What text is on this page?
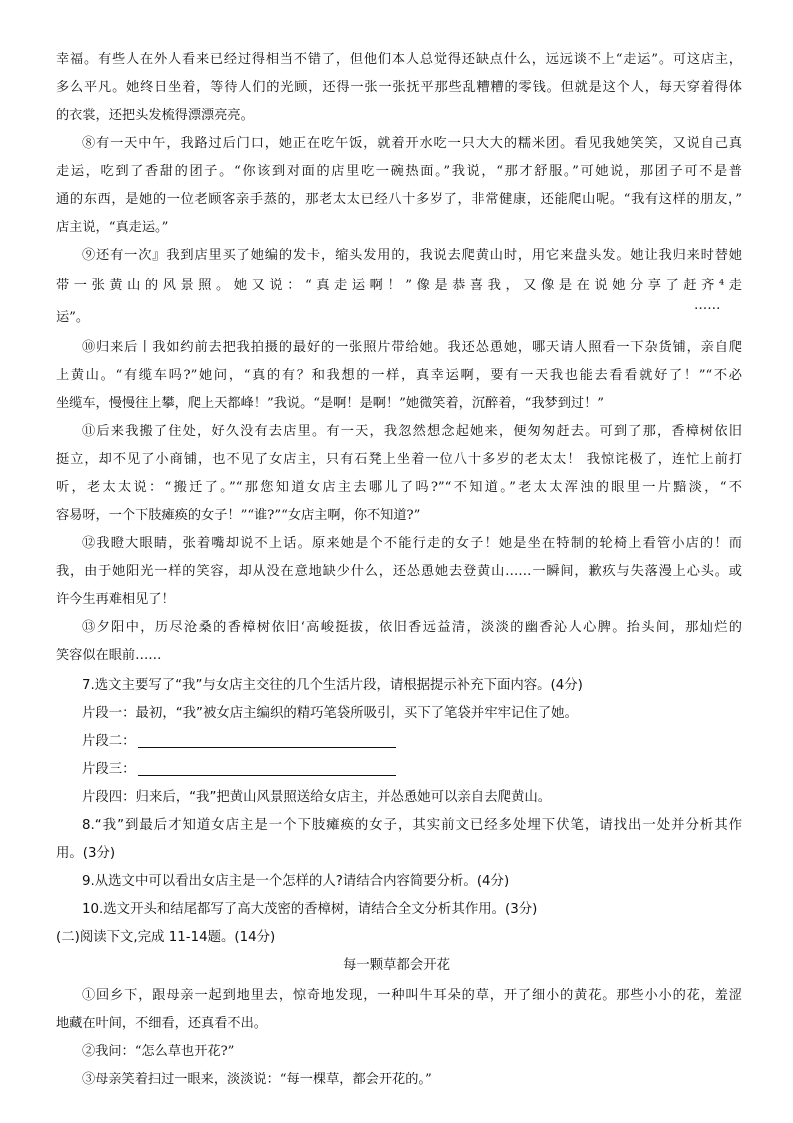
幸福。有些人在外人看来已经过得相当不错了，但他们本人总觉得还缺点什么，远远谈不上“走运”。可这店主，
多么平凡。她终日坐着，等待人们的光顾，还得一张一张抚平那些乱糟糟的零钱。但就是这个人，每天穿着得体
的衣裳，还把头发梳得漂漂亮亮。
⑧有一天中午，我路过后门口，她正在吃午饭，就着开水吃一只大大的糯米团。看见我她笑笑，又说自己真
走运，吃到了香甜的团子。“你该到对面的店里吃一碗热面。”我说，“那才舒服。”可她说，那团子可不是普
通的东西，是她的一位老顾客亲手蒸的，那老太太已经八十多岁了，非常健康，还能爬山呢。“我有这样的朋友，”
店主说，“真走运。”
⑨还有一次』我到店里买了她编的发卡，缩头发用的，我说去爬黄山时，用它来盘头发。她让我归来时替她
带一张黄山的风景照。她又说：“真走运啊！”像是恭喜我，又像是在说她分享了赶齐⁴走
……
运”。
⑩归来后丨我如约前去把我拍摄的最好的一张照片带给她。我还怂恿她，哪天请人照看一下杂货铺，亲自爬
上黄山。“有缆车吗?”她问，“真的有？和我想的一样，真幸运啊，要有一天我也能去看看就好了！”“不必
坐缆车，慢慢往上攀，爬上天都峰！”我说。“是啊！是啊！”她微笑着，沉醉着，“我梦到过！”
⑪后来我搬了住处，好久没有去店里。有一天，我忽然想念起她来，便匆匆赶去。可到了那，香樟树依旧
挺立，却不见了小商铺，也不见了女店主，只有石凳上坐着一位八十多岁的老太太！ 我惊诧极了，连忙上前打
听，老太太说：“搬迁了。”“那您知道女店主去哪儿了吗?”“不知道。”老太太浑浊的眼里一片黯淡，“不
容易呀，一个下肢瘫痪的女子！”“谁?”“女店主啊，你不知道?”
⑫我瞪大眼睛，张着嘴却说不上话。原来她是个不能行走的女子！她是坐在特制的轮椅上看管小店的！而
我，由于她阳光一样的笑容，却从没在意地缺少什么，还怂恿她去登黄山……一瞬间，歉疚与失落漫上心头。或
许今生再难相见了！
⑬夕阳中，历尽沧桑的香樟树依旧‘高峻挺拔，依旧香远益清，淡淡的幽香沁人心脾。抬头间，那灿烂的
笑容似在眼前……
7.选文主要写了“我”与女店主交往的几个生活片段，请根据提示补充下面内容。(4分)
片段一：最初，“我”被女店主编织的精巧笔袋所吸引，买下了笔袋并牢牢记住了她。
片段二：
片段三：
片段四：归来后，“我”把黄山风景照送给女店主，并怂恿她可以亲自去爬黄山。
8.“我”到最后才知道女店主是一个下肢瘫痪的女子，其实前文已经多处埋下伏笔，请找出一处并分析其作
用。(3分)
9.从选文中可以看出女店主是一个怎样的人?请结合内容简要分析。(4分)
10.选文开头和结尾都写了高大茂密的香樟树，请结合全文分析其作用。(3分)
(二)阅读下文,完成 11-14题。(14分)
每一颗草都会开花
①回乡下，跟母亲一起到地里去，惊奇地发现，一种叫牛耳朵的草，开了细小的黄花。那些小小的花，羞涩
地藏在叶间，不细看，还真看不出。
②我问：“怎么草也开花?”
③母亲笑着扫过一眼来，淡淡说：“每一棵草，都会开花的。”
